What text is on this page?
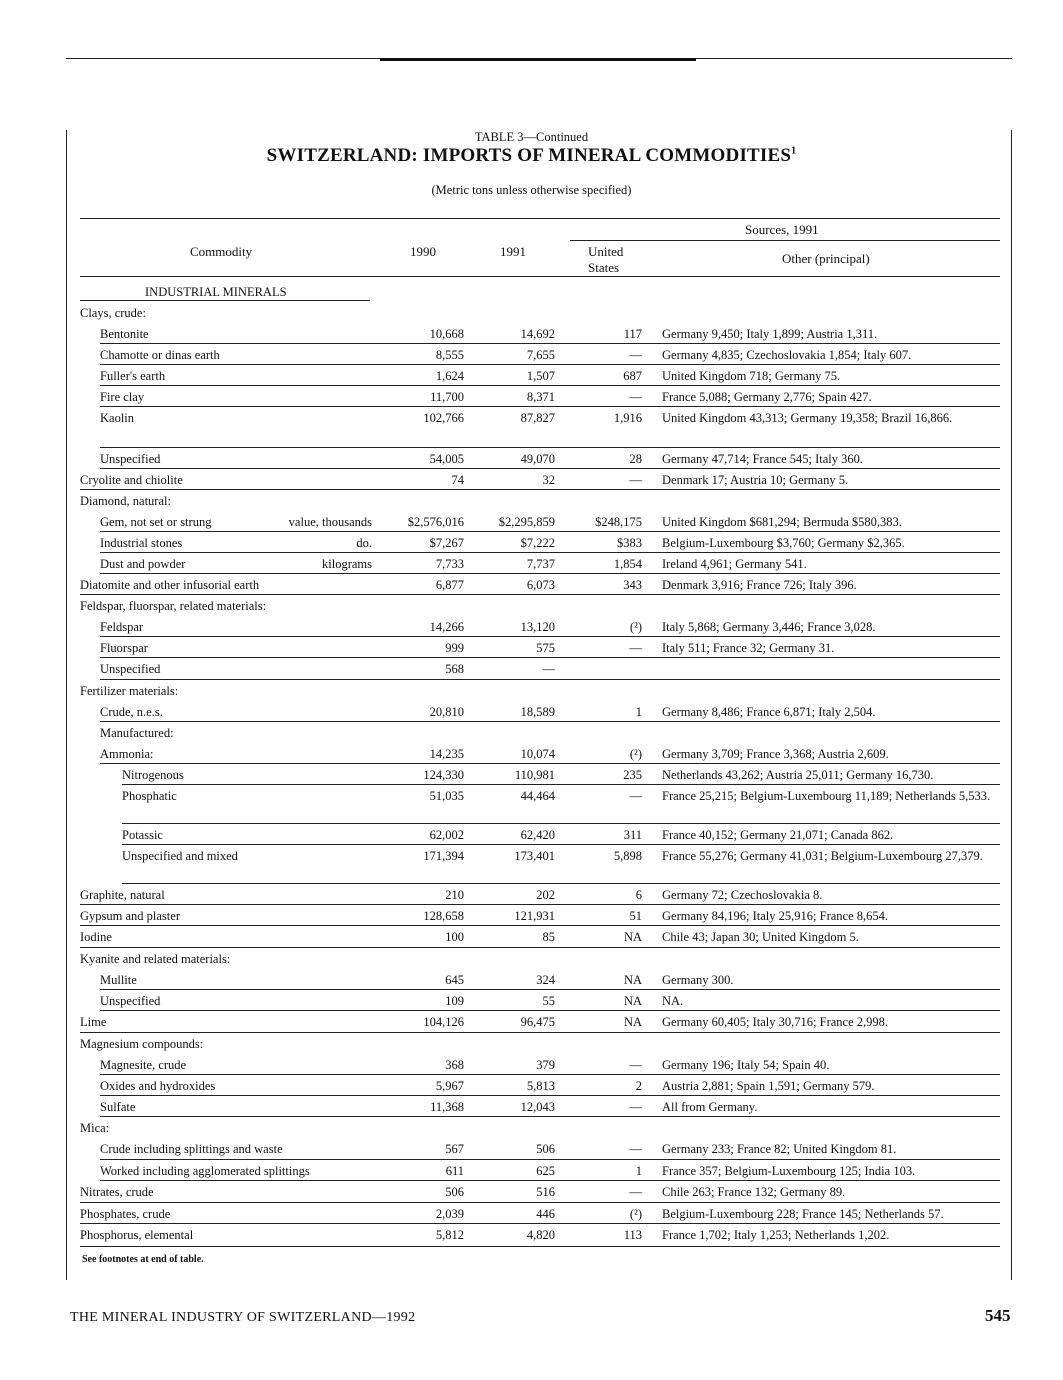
TABLE 3—Continued
SWITZERLAND: IMPORTS OF MINERAL COMMODITIES$^1$
(Metric tons unless otherwise specified)
Sources, 1991
Commodity	1990	1991	United States
Other (principal)
INDUSTRIAL MINERALS
Clays, crude:
Bentonite	10,668	14,692	117 Germany 9,450; Italy 1,899; Austria 1,311.
Chamotte or dinas earth	8,555	7,655	— Germany 4,835; Czechoslovakia 1,854; Italy 607.
Fuller's earth	1,624	1,507	687 United Kingdom 718; Germany 75.
Fire clay	11,700	8,371	— France 5,088; Germany 2,776; Spain 427.
Kaolin	102,766	87,827	1,916 United Kingdom 43,313; Germany 19,358; Brazil 16,866.
Unspecified	54,005	49,070	28 Germany 47,714; France 545; Italy 360.
Cryolite and chiolite	74	32	— Denmark 17; Austria 10; Germany 5.
Diamond, natural:
Gem, not set or strung	value, thousands	$2,576,016	$2,295,859	$248,175 United Kingdom $681,294; Bermuda $580,383.
Industrial stones	do.	$7,267	$7,222	$383 Belgium-Luxembourg $3,760; Germany $2,365.
Dust and powder	kilograms	7,733	7,737	1,854 Ireland 4,961; Germany 541.
Diatomite and other infusorial earth	6,877	6,073	343 Denmark 3,916; France 726; Italy 396.
Feldspar, fluorspar, related materials:
Feldspar	14,266	13,120	(²) Italy 5,868; Germany 3,446; France 3,028.
Fluorspar	999	575	— Italy 511; France 32; Germany 31.
Unspecified	568	—
Fertilizer materials:
Crude, n.e.s.	20,810	18,589	1 Germany 8,486; France 6,871; Italy 2,504.
Manufactured:
Ammonia:	14,235	10,074	(²) Germany 3,709; France 3,368; Austria 2,609.
Nitrogenous	124,330	110,981	235 Netherlands 43,262; Austria 25,011; Germany 16,730.
Phosphatic	51,035	44,464	— France 25,215; Belgium-Luxembourg 11,189; Netherlands 5,533.
Potassic	62,002	62,420	311 France 40,152; Germany 21,071; Canada 862.
Unspecified and mixed	171,394	173,401	5,898 France 55,276; Germany 41,031; Belgium-Luxembourg 27,379.
Graphite, natural	210	202	6 Germany 72; Czechoslovakia 8.
Gypsum and plaster	128,658	121,931	51 Germany 84,196; Italy 25,916; France 8,654.
Iodine	100	85	NA Chile 43; Japan 30; United Kingdom 5.
Kyanite and related materials:
Mullite	645	324	NA Germany 300.
Unspecified	109	55	NA NA.
Lime	104,126	96,475	NA Germany 60,405; Italy 30,716; France 2,998.
Magnesium compounds:
Magnesite, crude	368	379	— Germany 196; Italy 54; Spain 40.
Oxides and hydroxides	5,967	5,813	2 Austria 2,881; Spain 1,591; Germany 579.
Sulfate	11,368	12,043	— All from Germany.
Mica:
Crude including splittings and waste	567	506	— Germany 233; France 82; United Kingdom 81.
Worked including agglomerated splittings	611	625	1 France 357; Belgium-Luxembourg 125; India 103.
Nitrates, crude	506	516	— Chile 263; France 132; Germany 89.
Phosphates, crude	2,039	446	(²) Belgium-Luxembourg 228; France 145; Netherlands 57.
Phosphorus, elemental	5,812	4,820	113 France 1,702; Italy 1,253; Netherlands 1,202.
See footnotes at end of table.
THE MINERAL INDUSTRY OF SWITZERLAND—1992	545
